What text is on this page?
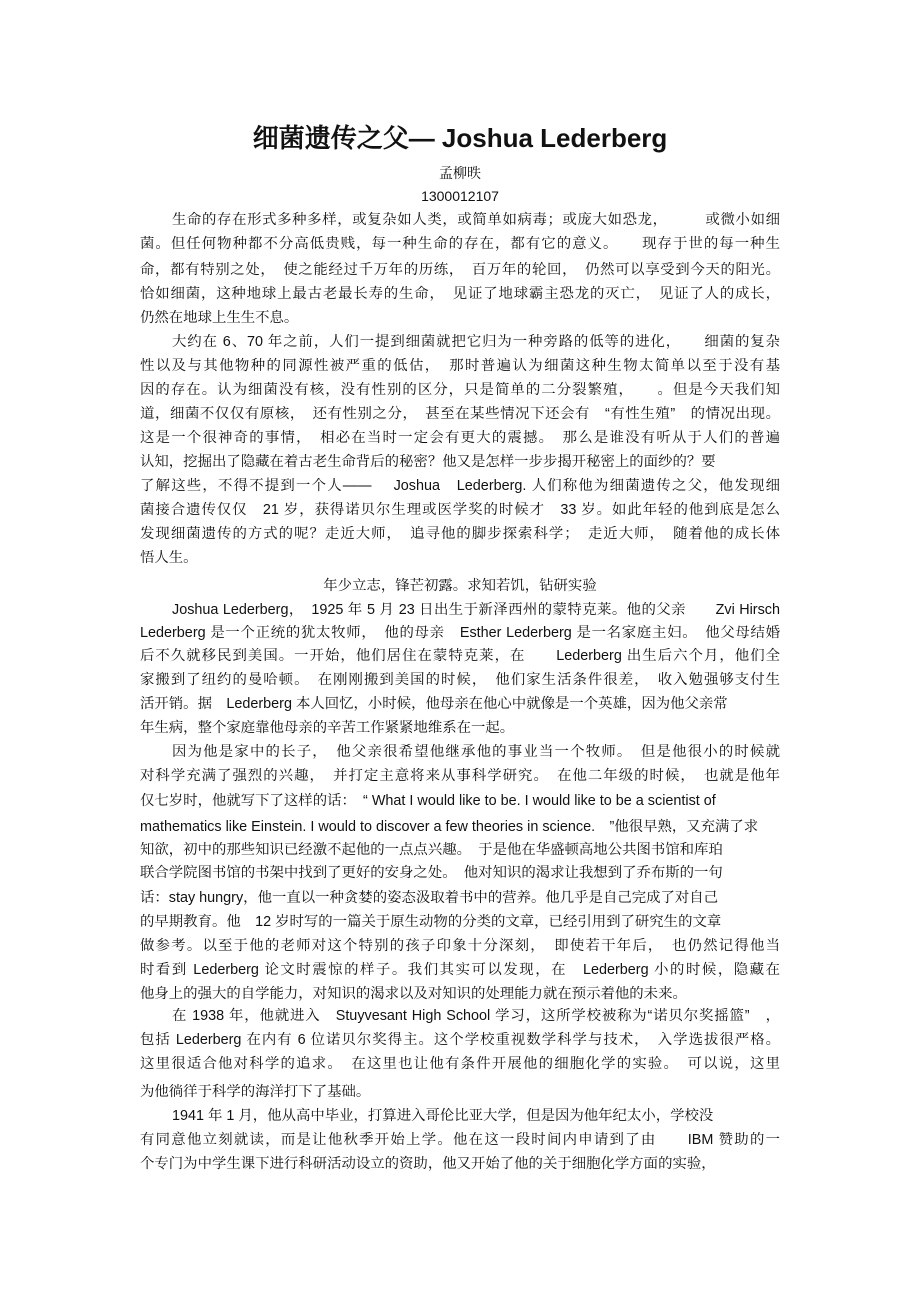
细菌遗传之父— Joshua Lederberg
孟柳昳
1300012107
年少立志，锋芒初露。求知若饥，钻研实验
生命的存在形式多种多样，或复杂如人类，或简单如病毒；或庞大如恐龙，　　　或微小如细
菌。但任何物种都不分高低贵贱，每一种生命的存在，都有它的意义。　　现存于世的每一种生
命，都有特别之处，　使之能经过千万年的历练，　百万年的轮回，　仍然可以享受到今天的阳光。
恰如细菌，这种地球上最古老最长寿的生命，　见证了地球霸主恐龙的灭亡，　见证了人的成长，
仍然在地球上生生不息。
大约在 6、70 年之前，人们一提到细菌就把它归为一种旁路的低等的进化，　　细菌的复杂
性以及与其他物种的同源性被严重的低估，　那时普遍认为细菌这种生物太简单以至于没有基
因的存在。认为细菌没有核，没有性别的区分，只是简单的二分裂繁殖，　　。但是今天我们知
道，细菌不仅仅有原核，　还有性别之分，　甚至在某些情况下还会有　“有性生殖”　的情况出现。
这是一个很神奇的事情，　相必在当时一定会有更大的震撼。　那么是谁没有听从于人们的普遍
认知，挖掘出了隐藏在着古老生命背后的秘密？他又是怎样一步步揭开秘密上的面纱的？要
了解这些，不得不提到一个人——　 Joshua　Lederberg. 人们称他为细菌遗传之父，他发现细
菌接合遗传仅仅　21 岁，获得诺贝尔生理或医学奖的时候才　33 岁。如此年轻的他到底是怎么
发现细菌遗传的方式的呢？走近大师，　追寻他的脚步探索科学；　走近大师，　随着他的成长体
悟人生。
Joshua Lederberg，　1925 年 5 月 23 日出生于新泽西州的蒙特克莱。他的父亲　　Zvi Hirsch
Lederberg 是一个正统的犹太牧师，　他的母亲　Esther Lederberg 是一名家庭主妇。　他父母结婚
后不久就移民到美国。一开始，他们居住在蒙特克莱，在　　Lederberg 出生后六个月，他们全
家搬到了纽约的曼哈顿。　在刚刚搬到美国的时候，　他们家生活条件很差，　收入勉强够支付生
活开销。据　Lederberg 本人回忆，小时候，他母亲在他心中就像是一个英雄，因为他父亲常
年生病，整个家庭靠他母亲的辛苦工作紧紧地维系在一起。
因为他是家中的长子，　他父亲很希望他继承他的事业当一个牧师。　但是他很小的时候就
对科学充满了强烈的兴趣，　并打定主意将来从事科学研究。　在他二年级的时候，　也就是他年
仅七岁时，他就写下了这样的话：　“ What I would like to be. I would like to be a scientist of
mathematics like Einstein. I would to discover a few theories in science.　”他很早熟，又充满了求
知欲，初中的那些知识已经激不起他的一点点兴趣。　于是他在华盛顿高地公共图书馆和库珀
联合学院图书馆的书架中找到了更好的安身之处。　他对知识的渴求让我想到了乔布斯的一句
话：stay hungry，他一直以一种贪婪的姿态汲取着书中的营养。他几乎是自己完成了对自己
的早期教育。他　12 岁时写的一篇关于原生动物的分类的文章，已经引用到了研究生的文章
做参考。以至于他的老师对这个特别的孩子印象十分深刻，　即使若干年后，　也仍然记得他当
时看到 Lederberg 论文时震惊的样子。我们其实可以发现，在　Lederberg 小的时候，隐藏在
他身上的强大的自学能力，对知识的渴求以及对知识的处理能力就在预示着他的未来。
在 1938 年，他就进入　Stuyvesant High School 学习，这所学校被称为“诺贝尔奖摇篮”　，
包括 Lederberg 在内有 6 位诺贝尔奖得主。这个学校重视数学科学与技术，　入学选拔很严格。
这里很适合他对科学的追求。　在这里也让他有条件开展他的细胞化学的实验。　可以说，这里
为他徜徉于科学的海洋打下了基础。
1941 年 1 月，他从高中毕业，打算进入哥伦比亚大学，但是因为他年纪太小，学校没
有同意他立刻就读，而是让他秋季开始上学。他在这一段时间内申请到了由　　IBM 赞助的一
个专门为中学生课下进行科研活动设立的资助，他又开始了他的关于细胞化学方面的实验，
